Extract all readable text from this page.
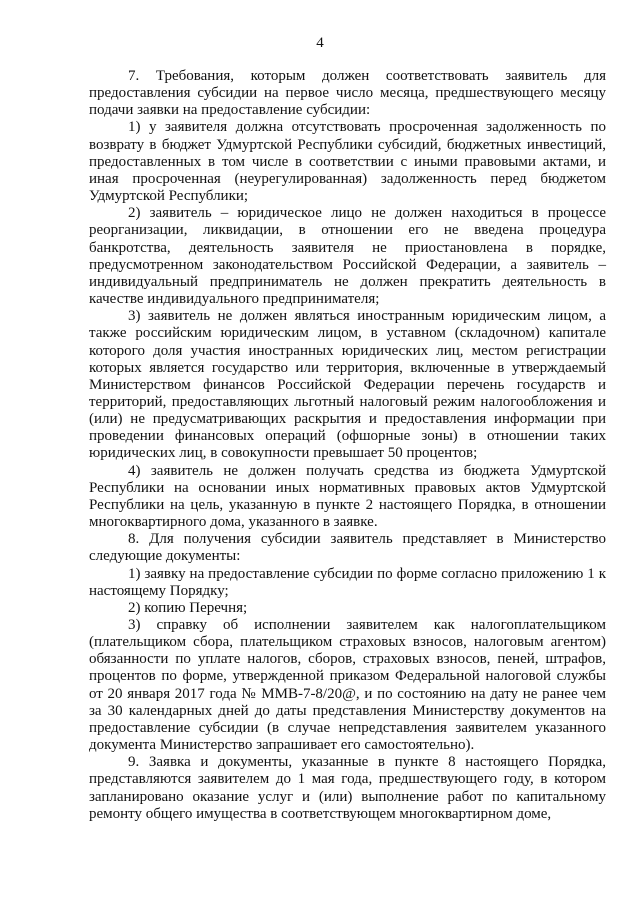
4

7. Требования, которым должен соответствовать заявитель для предоставления субсидии на первое число месяца, предшествующего месяцу подачи заявки на предоставление субсидии:

1) у заявителя должна отсутствовать просроченная задолженность по возврату в бюджет Удмуртской Республики субсидий, бюджетных инвестиций, предоставленных в том числе в соответствии с иными правовыми актами, и иная просроченная (неурегулированная) задолженность перед бюджетом Удмуртской Республики;

2) заявитель – юридическое лицо не должен находиться в процессе реорганизации, ликвидации, в отношении его не введена процедура банкротства, деятельность заявителя не приостановлена в порядке, предусмотренном законодательством Российской Федерации, а заявитель – индивидуальный предприниматель не должен прекратить деятельность в качестве индивидуального предпринимателя;

3) заявитель не должен являться иностранным юридическим лицом, а также российским юридическим лицом, в уставном (складочном) капитале которого доля участия иностранных юридических лиц, местом регистрации которых является государство или территория, включенные в утверждаемый Министерством финансов Российской Федерации перечень государств и территорий, предоставляющих льготный налоговый режим налогообложения и (или) не предусматривающих раскрытия и предоставления информации при проведении финансовых операций (офшорные зоны) в отношении таких юридических лиц, в совокупности превышает 50 процентов;

4) заявитель не должен получать средства из бюджета Удмуртской Республики на основании иных нормативных правовых актов Удмуртской Республики на цель, указанную в пункте 2 настоящего Порядка, в отношении многоквартирного дома, указанного в заявке.

8. Для получения субсидии заявитель представляет в Министерство следующие документы:

1) заявку на предоставление субсидии по форме согласно приложению 1 к настоящему Порядку;

2) копию Перечня;

3) справку об исполнении заявителем как налогоплательщиком (плательщиком сбора, плательщиком страховых взносов, налоговым агентом) обязанности по уплате налогов, сборов, страховых взносов, пеней, штрафов, процентов по форме, утвержденной приказом Федеральной налоговой службы от 20 января 2017 года № ММВ-7-8/20@, и по состоянию на дату не ранее чем за 30 календарных дней до даты представления Министерству документов на предоставление субсидии (в случае непредставления заявителем указанного документа Министерство запрашивает его самостоятельно).

9. Заявка и документы, указанные в пункте 8 настоящего Порядка, представляются заявителем до 1 мая года, предшествующего году, в котором запланировано оказание услуг и (или) выполнение работ по капитальному ремонту общего имущества в соответствующем многоквартирном доме,
